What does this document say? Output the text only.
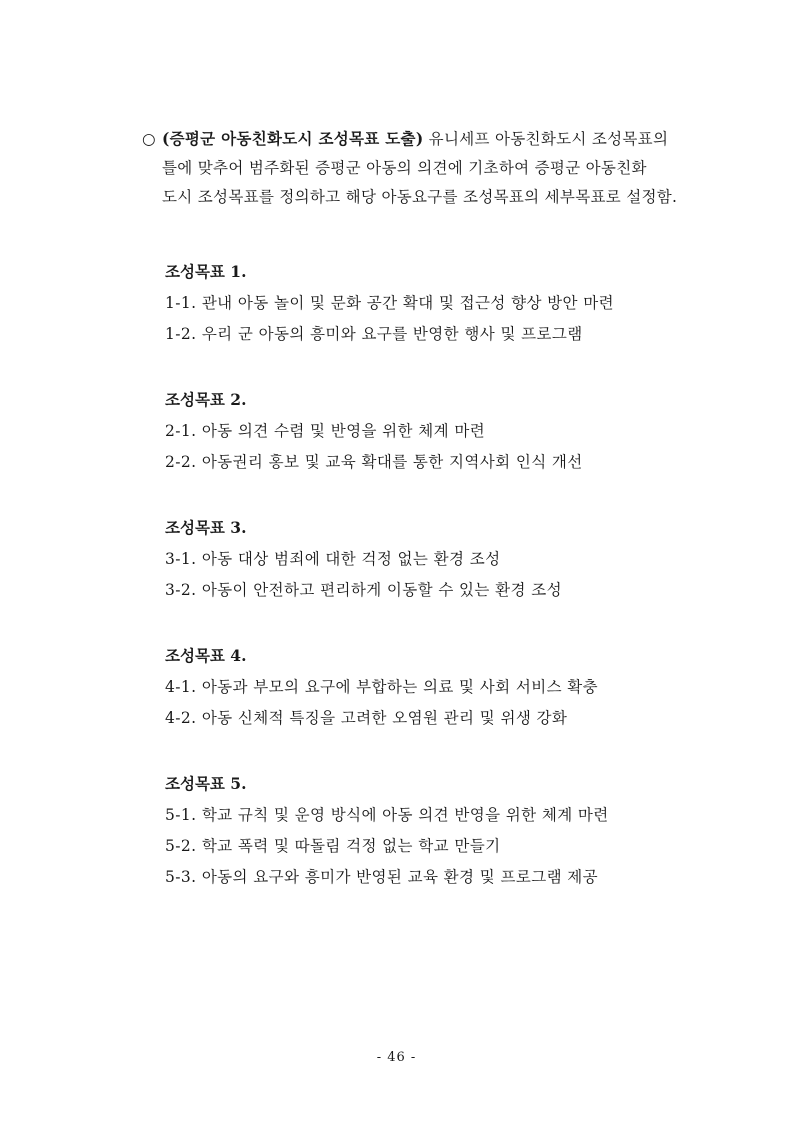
○ (증평군 아동친화도시 조성목표 도출) 유니세프 아동친화도시 조성목표의
틀에 맞추어 범주화된 증평군 아동의 의견에 기초하여 증평군 아동친화
도시 조성목표를 정의하고 해당 아동요구를 조성목표의 세부목표로 설정함.
조성목표 1.
1-1. 관내 아동 놀이 및 문화 공간 확대 및 접근성 향상 방안 마련
1-2. 우리 군 아동의 흥미와 요구를 반영한 행사 및 프로그램
조성목표 2.
2-1. 아동 의견 수렴 및 반영을 위한 체계 마련
2-2. 아동권리 홍보 및 교육 확대를 통한 지역사회 인식 개선
조성목표 3.
3-1. 아동 대상 범죄에 대한 걱정 없는 환경 조성
3-2. 아동이 안전하고 편리하게 이동할 수 있는 환경 조성
조성목표 4.
4-1. 아동과 부모의 요구에 부합하는 의료 및 사회 서비스 확충
4-2. 아동 신체적 특징을 고려한 오염원 관리 및 위생 강화
조성목표 5.
5-1. 학교 규칙 및 운영 방식에 아동 의견 반영을 위한 체계 마련
5-2. 학교 폭력 및 따돌림 걱정 없는 학교 만들기
5-3. 아동의 요구와 흥미가 반영된 교육 환경 및 프로그램 제공
- 46 -
